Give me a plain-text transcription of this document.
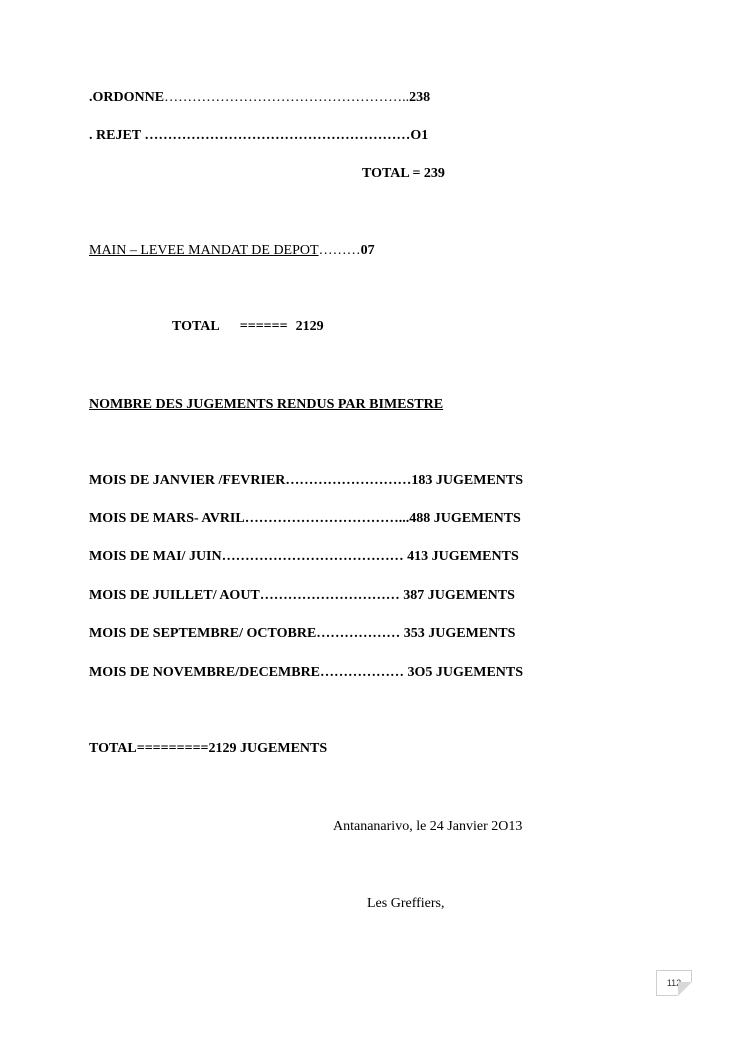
.ORDONNE……………………………………………..238
. REJET …………………………………………………O1
TOTAL = 239
MAIN – LEVEE MANDAT DE DEPOT………07
TOTAL ====== 2129
NOMBRE DES JUGEMENTS RENDUS PAR BIMESTRE
MOIS DE JANVIER /FEVRIER………………………183 JUGEMENTS
MOIS DE MARS- AVRIL……………………………...488 JUGEMENTS
MOIS DE MAI/ JUIN………………………………… 413 JUGEMENTS
MOIS DE JUILLET/ AOUT………………………… 387 JUGEMENTS
MOIS DE SEPTEMBRE/ OCTOBRE……………… 353 JUGEMENTS
MOIS DE NOVEMBRE/DECEMBRE……………… 3O5 JUGEMENTS
TOTAL=========2129 JUGEMENTS
Antananarivo, le 24 Janvier 2O13
Les Greffiers,
112
